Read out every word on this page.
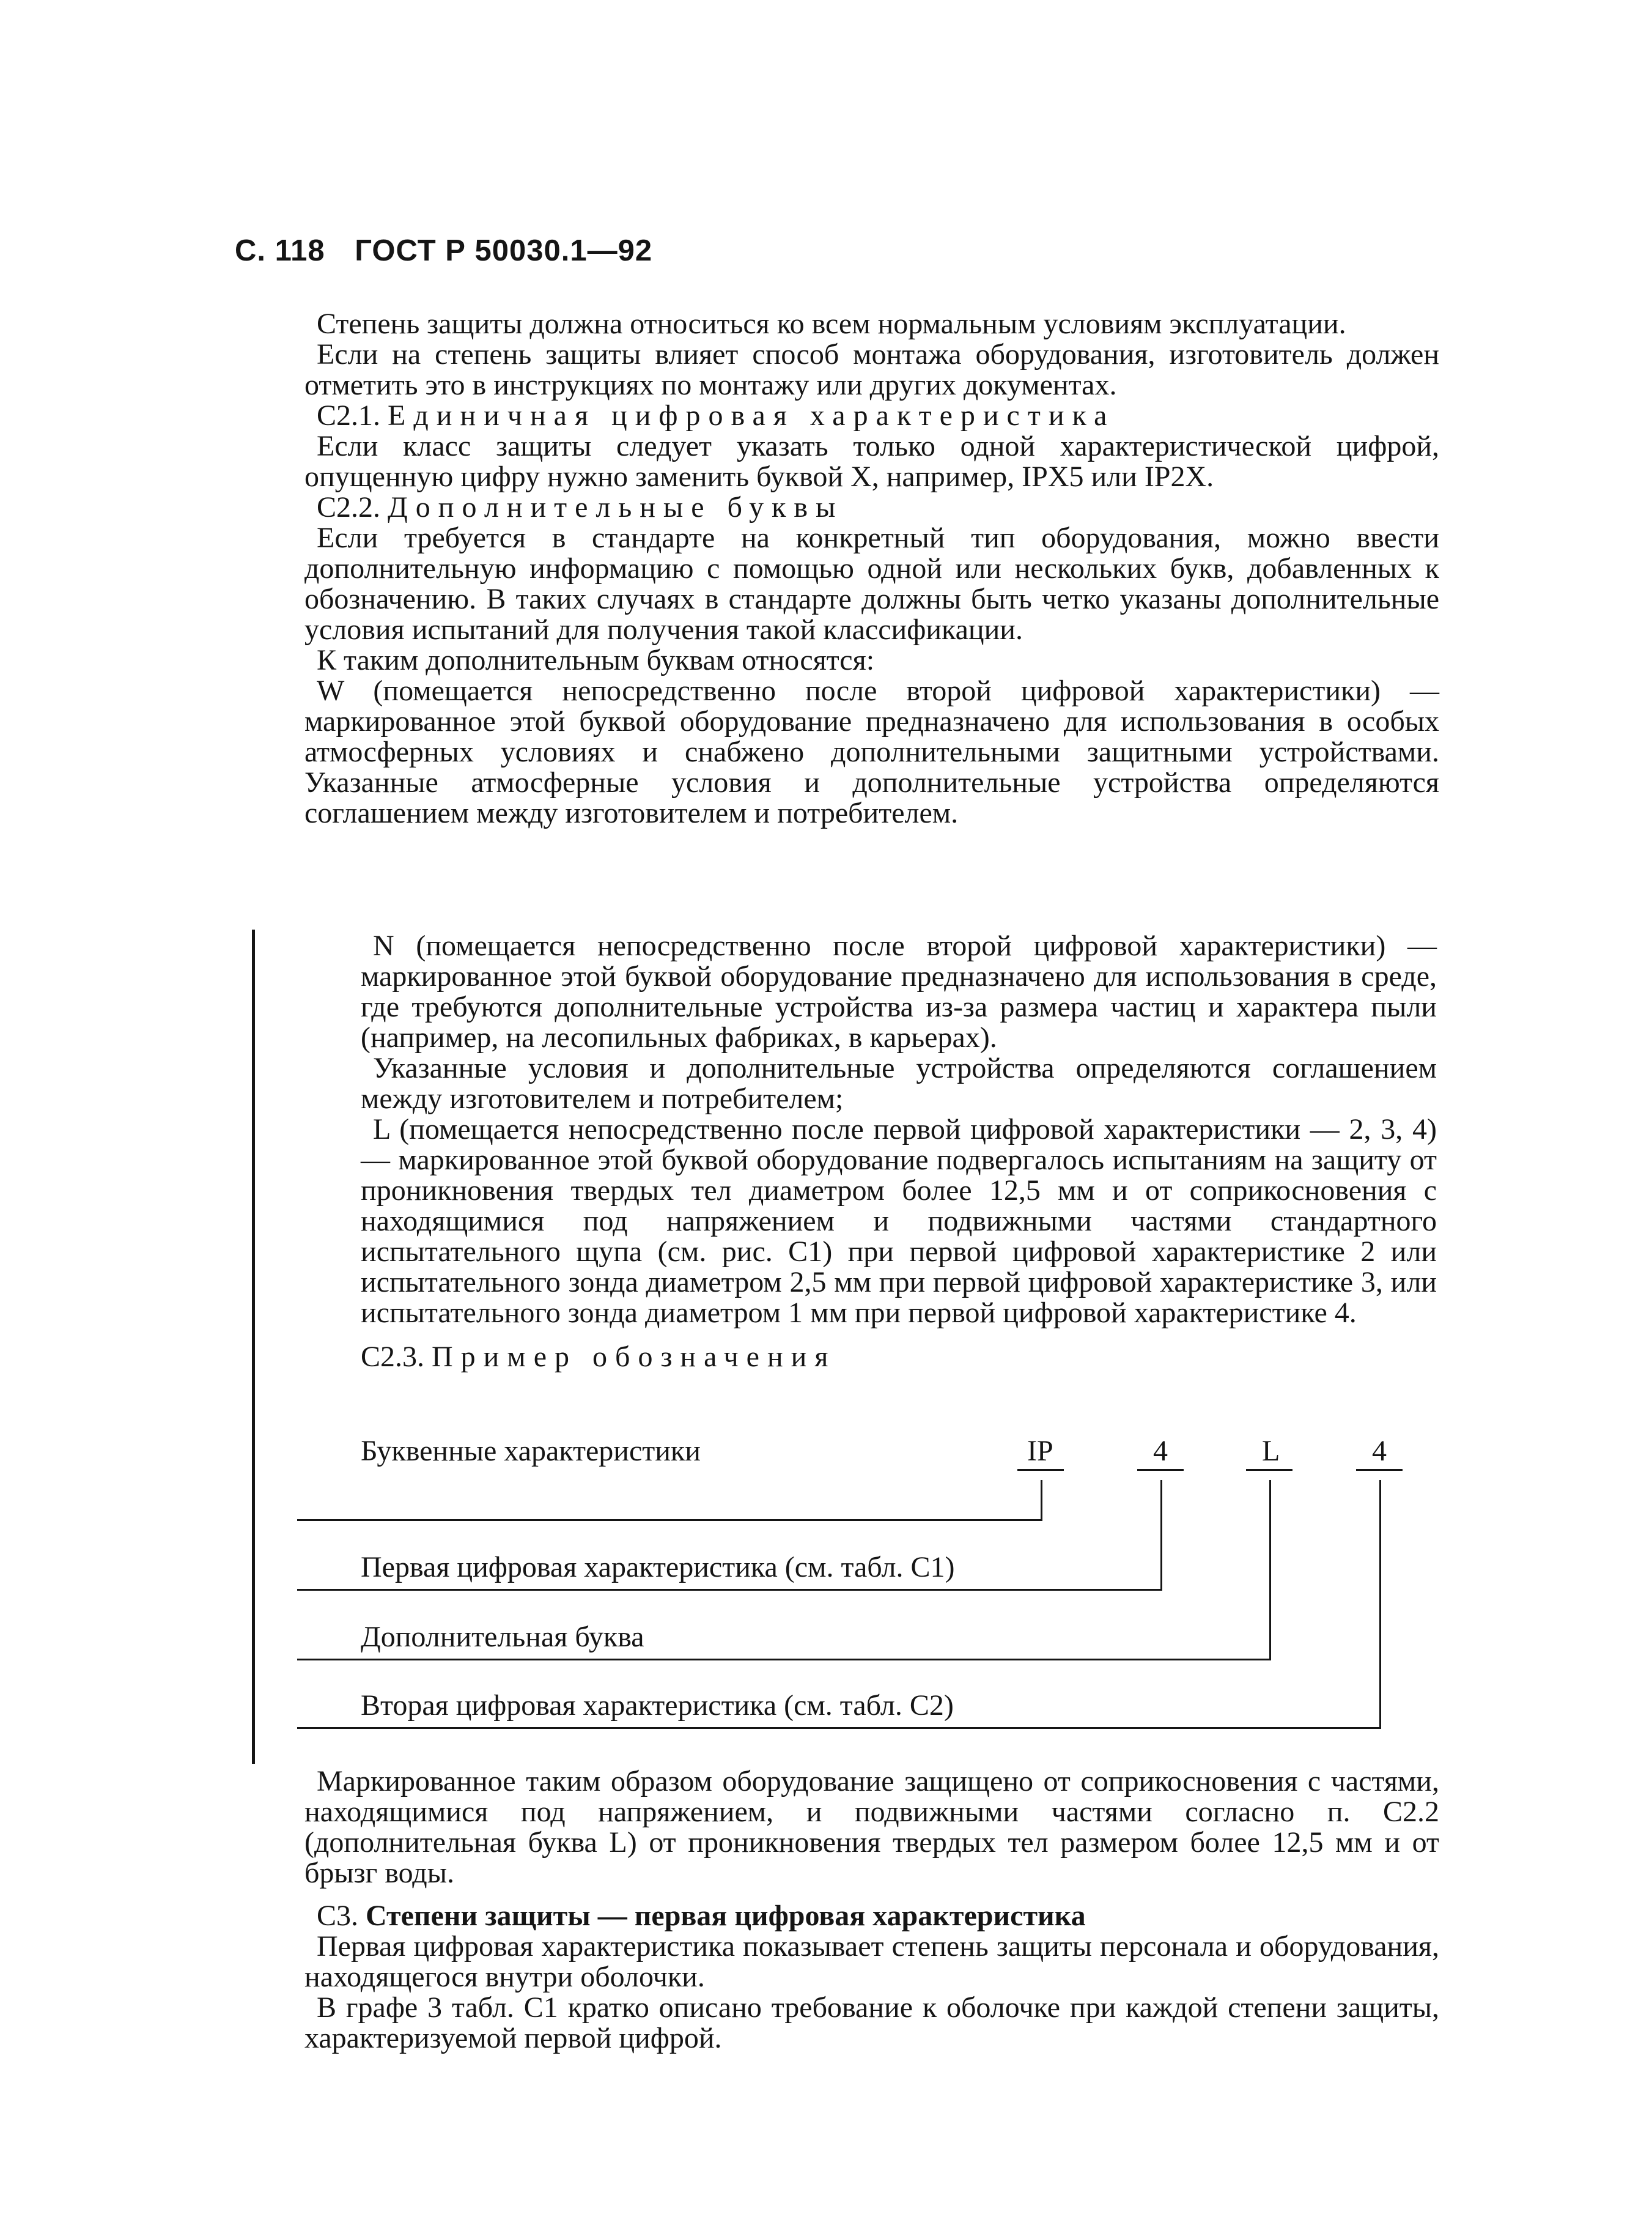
С. 118 ГОСТ Р 50030.1—92

Степень защиты должна относиться ко всем нормальным условиям эксплуатации.

Если на степень защиты влияет способ монтажа оборудования, изготовитель должен отметить это в инструкциях по монтажу или других документах.

С2.1. Единичная цифровая характеристика

Если класс защиты следует указать только одной характеристической цифрой, опущенную цифру нужно заменить буквой X, например, IPX5 или IP2X.

С2.2. Дополнительные буквы

Если требуется в стандарте на конкретный тип оборудования, можно ввести дополнительную информацию с помощью одной или нескольких букв, добавленных к обозначению. В таких случаях в стандарте должны быть четко указаны дополнительные условия испытаний для получения такой классификации.

К таким дополнительным буквам относятся:

W (помещается непосредственно после второй цифровой характеристики) — маркированное этой буквой оборудование предназначено для использования в особых атмосферных условиях и снабжено дополнительными защитными устройствами. Указанные атмосферные условия и дополнительные устройства определяются соглашением между изготовителем и потребителем.

N (помещается непосредственно после второй цифровой характеристики) — маркированное этой буквой оборудование предназначено для использования в среде, где требуются дополнительные устройства из-за размера частиц и характера пыли (например, на лесопильных фабриках, в карьерах).

Указанные условия и дополнительные устройства определяются соглашением между изготовителем и потребителем;

L (помещается непосредственно после первой цифровой характеристики — 2, 3, 4) — маркированное этой буквой оборудование подвергалось испытаниям на защиту от проникновения твердых тел диаметром более 12,5 мм и от соприкосновения с находящимися под напряжением и подвижными частями стандартного испытательного щупа (см. рис. С1) при первой цифровой характеристике 2 или испытательного зонда диаметром 2,5 мм при первой цифровой характеристике 3, или испытательного зонда диаметром 1 мм при первой цифровой характеристике 4.

С2.3. Пример обозначения

Буквенные характеристики	IP	4	L	4
Первая цифровая характеристика (см. табл. С1)
Дополнительная буква
Вторая цифровая характеристика (см. табл. С2)

Маркированное таким образом оборудование защищено от соприкосновения с частями, находящимися под напряжением, и подвижными частями согласно п. С2.2 (дополнительная буква L) от проникновения твердых тел размером более 12,5 мм и от брызг воды.

С3. Степени защиты — первая цифровая характеристика

Первая цифровая характеристика показывает степень защиты персонала и оборудования, находящегося внутри оболочки.

В графе 3 табл. С1 кратко описано требование к оболочке при каждой степени защиты, характеризуемой первой цифрой.
